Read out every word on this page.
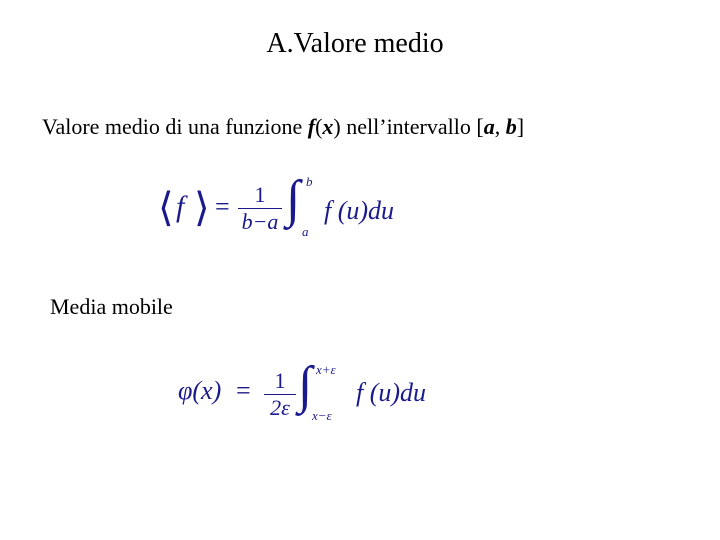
A.Valore medio
Valore medio di una funzione f(x) nell’intervallo [a, b]
⟨ f ⟩ =	1
b−a ∫ b
a
f (u)du
Media mobile
φ(x) =	1
2ε ∫ x+ε
x−ε
f (u)du
